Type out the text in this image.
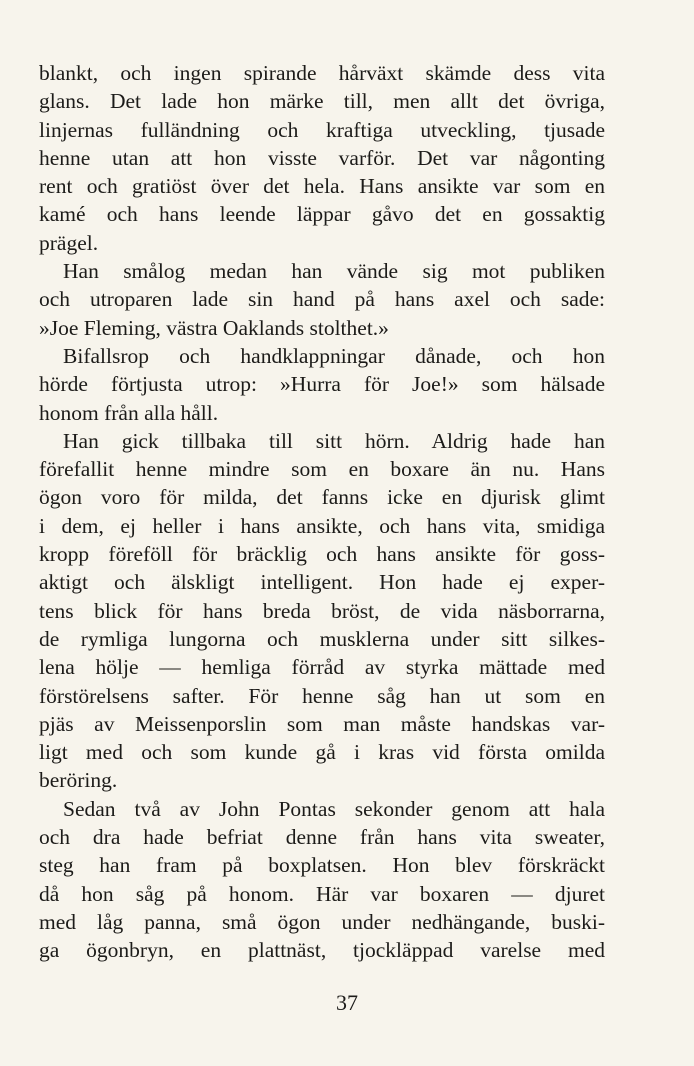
blankt, och ingen spirande hårväxt skämde dess vita
glans. Det lade hon märke till, men allt det övriga,
linjernas fulländning och kraftiga utveckling, tjusade
henne utan att hon visste varför. Det var någonting
rent och gratiöst över det hela. Hans ansikte var som en
kamé och hans leende läppar gåvo det en gossaktig
prägel.
Han smålog medan han vände sig mot publiken
och utroparen lade sin hand på hans axel och sade:
»Joe Fleming, västra Oaklands stolthet.»
Bifallsrop och handklappningar dånade, och hon
hörde förtjusta utrop: »Hurra för Joe!» som hälsade
honom från alla håll.
Han gick tillbaka till sitt hörn. Aldrig hade han
förefallit henne mindre som en boxare än nu. Hans
ögon voro för milda, det fanns icke en djurisk glimt
i dem, ej heller i hans ansikte, och hans vita, smidiga
kropp föreföll för bräcklig och hans ansikte för goss-
aktigt och älskligt intelligent. Hon hade ej exper-
tens blick för hans breda bröst, de vida näsborrarna,
de rymliga lungorna och musklerna under sitt silkes-
lena hölje — hemliga förråd av styrka mättade med
förstörelsens safter. För henne såg han ut som en
pjäs av Meissenporslin som man måste handskas var-
ligt med och som kunde gå i kras vid första omilda
beröring.
Sedan två av John Pontas sekonder genom att hala
och dra hade befriat denne från hans vita sweater,
steg han fram på boxplatsen. Hon blev förskräckt
då hon såg på honom. Här var boxaren — djuret
med låg panna, små ögon under nedhängande, buski-
ga ögonbryn, en plattnäst, tjockläppad varelse med
37
